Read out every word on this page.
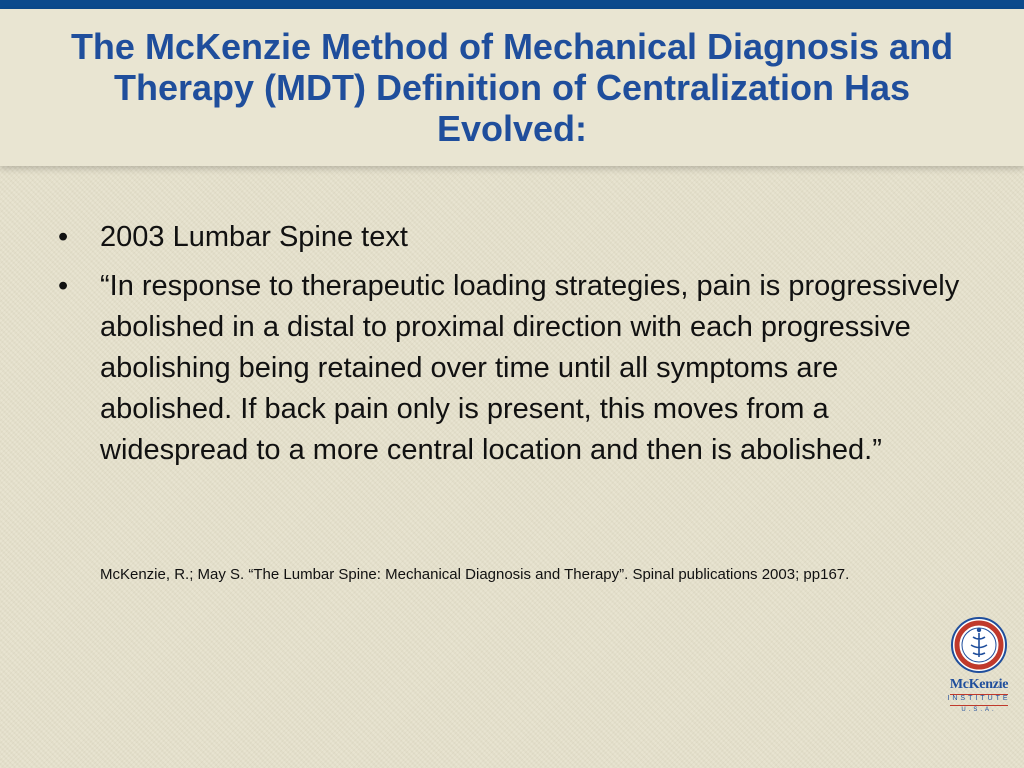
The McKenzie Method of Mechanical Diagnosis and Therapy (MDT) Definition of Centralization Has Evolved:
•	2003 Lumbar Spine text
•	“In response to therapeutic loading strategies, pain is progressively abolished in a distal to proximal direction with each progressive abolishing being retained over time until all symptoms are abolished. If back pain only is present, this moves from a widespread to a more central location and then is abolished.”

McKenzie, R.; May S. “The Lumbar Spine: Mechanical Diagnosis and Therapy”. Spinal publications 2003; pp167.

McKenzie
INSTITUTE
U.S.A.
